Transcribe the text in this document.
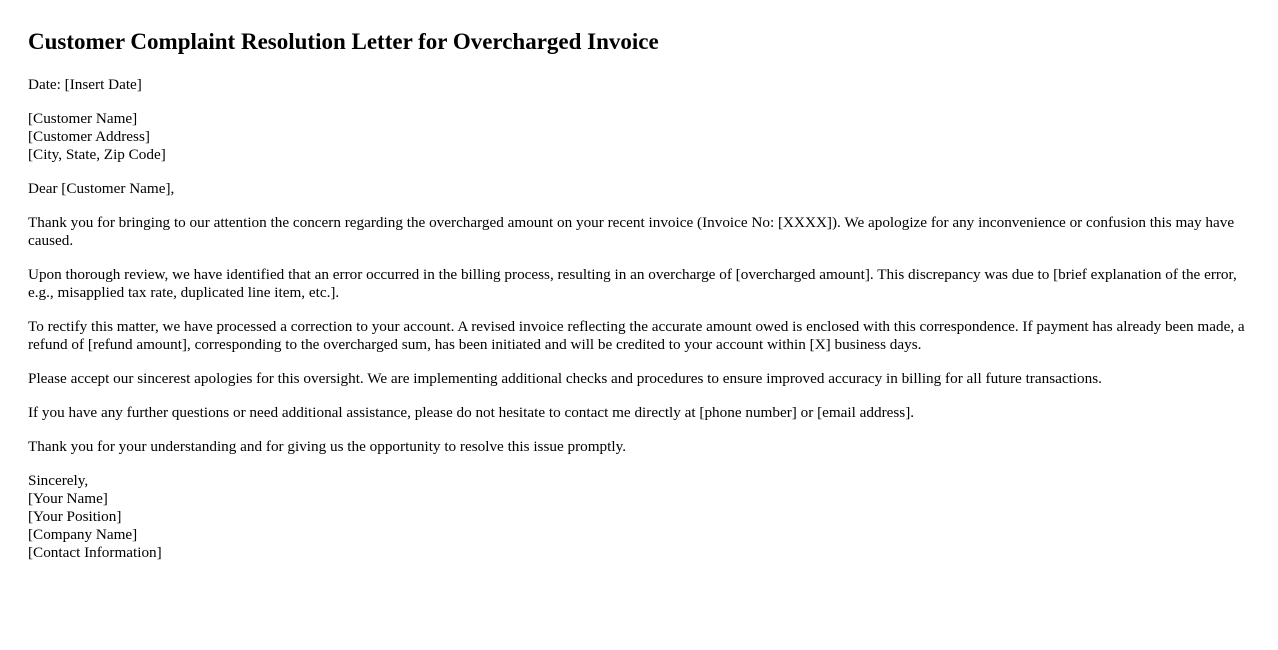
Customer Complaint Resolution Letter for Overcharged Invoice
Date: [Insert Date]
[Customer Name]
[Customer Address]
[City, State, Zip Code]

Dear [Customer Name],

Thank you for bringing to our attention the concern regarding the overcharged amount on your recent invoice (Invoice No: [XXXX]). We apologize for any inconvenience or confusion this may have caused.

Upon thorough review, we have identified that an error occurred in the billing process, resulting in an overcharge of [overcharged amount]. This discrepancy was due to [brief explanation of the error, e.g., misapplied tax rate, duplicated line item, etc.].

To rectify this matter, we have processed a correction to your account. A revised invoice reflecting the accurate amount owed is enclosed with this correspondence. If payment has already been made, a refund of [refund amount], corresponding to the overcharged sum, has been initiated and will be credited to your account within [X] business days.

Please accept our sincerest apologies for this oversight. We are implementing additional checks and procedures to ensure improved accuracy in billing for all future transactions.

If you have any further questions or need additional assistance, please do not hesitate to contact me directly at [phone number] or [email address].

Thank you for your understanding and for giving us the opportunity to resolve this issue promptly.

Sincerely,
[Your Name]
[Your Position]
[Company Name]
[Contact Information]
